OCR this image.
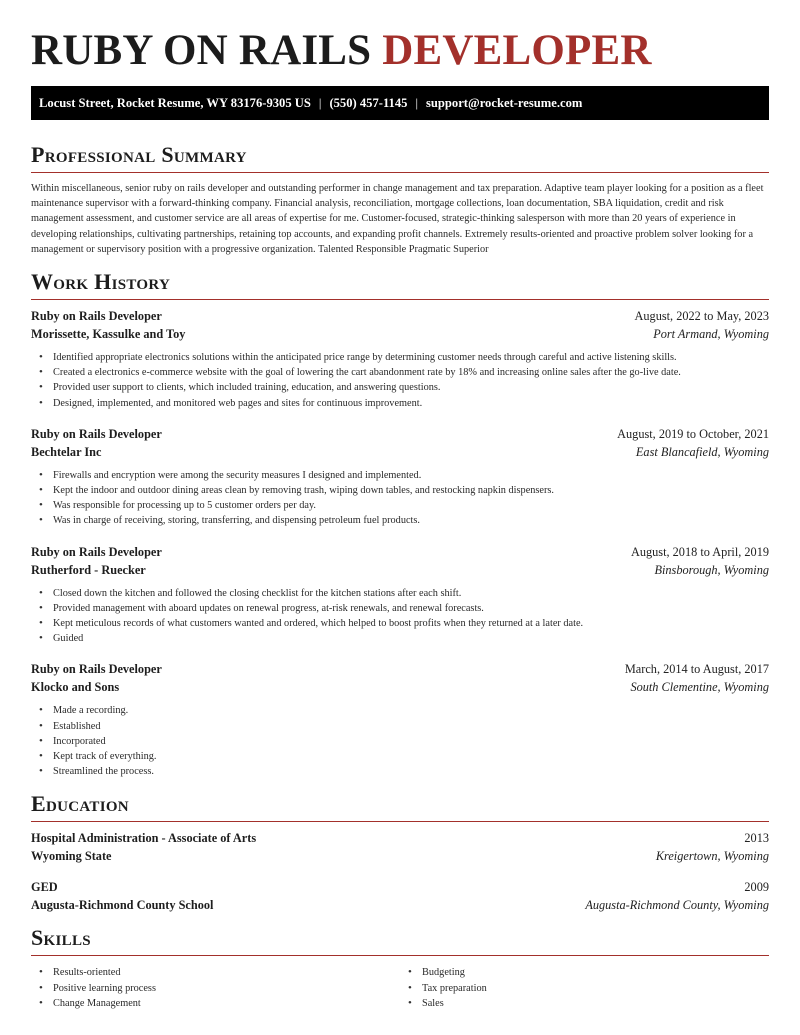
RUBY ON RAILS DEVELOPER
Locust Street, Rocket Resume, WY 83176-9305 US | (550) 457-1145 | support@rocket-resume.com
Professional Summary

Within miscellaneous, senior ruby on rails developer and outstanding performer in change management and tax preparation. Adaptive team player looking for a position as a fleet maintenance supervisor with a forward-thinking company. Financial analysis, reconciliation, mortgage collections, loan documentation, SBA liquidation, credit and risk management assessment, and customer service are all areas of expertise for me. Customer-focused, strategic-thinking salesperson with more than 20 years of experience in developing relationships, cultivating partnerships, retaining top accounts, and expanding profit channels. Extremely results-oriented and proactive problem solver looking for a management or supervisory position with a progressive organization. Talented Responsible Pragmatic Superior

Work History
Ruby on Rails Developer	August, 2022 to May, 2023
Morissette, Kassulke and Toy	Port Armand, Wyoming
• Identified appropriate electronics solutions within the anticipated price range by determining customer needs through careful and active listening skills.
• Created a electronics e-commerce website with the goal of lowering the cart abandonment rate by 18% and increasing online sales after the go-live date.
• Provided user support to clients, which included training, education, and answering questions.
• Designed, implemented, and monitored web pages and sites for continuous improvement.
Ruby on Rails Developer	August, 2019 to October, 2021
Bechtelar Inc	East Blancafield, Wyoming
• Firewalls and encryption were among the security measures I designed and implemented.
• Kept the indoor and outdoor dining areas clean by removing trash, wiping down tables, and restocking napkin dispensers.
• Was responsible for processing up to 5 customer orders per day.
• Was in charge of receiving, storing, transferring, and dispensing petroleum fuel products.
Ruby on Rails Developer	August, 2018 to April, 2019
Rutherford - Ruecker	Binsborough, Wyoming
• Closed down the kitchen and followed the closing checklist for the kitchen stations after each shift.
• Provided management with aboard updates on renewal progress, at-risk renewals, and renewal forecasts.
• Kept meticulous records of what customers wanted and ordered, which helped to boost profits when they returned at a later date.
• Guided
Ruby on Rails Developer	March, 2014 to August, 2017
Klocko and Sons	South Clementine, Wyoming
• Made a recording.
• Established
• Incorporated
• Kept track of everything.
• Streamlined the process.
Education
Hospital Administration - Associate of Arts	2013
Wyoming State	Kreigertown, Wyoming
GED	2009
Augusta-Richmond County School	Augusta-Richmond County, Wyoming
Skills
• Results-oriented
• Positive learning process
• Change Management
• Budgeting
• Tax preparation
• Sales
